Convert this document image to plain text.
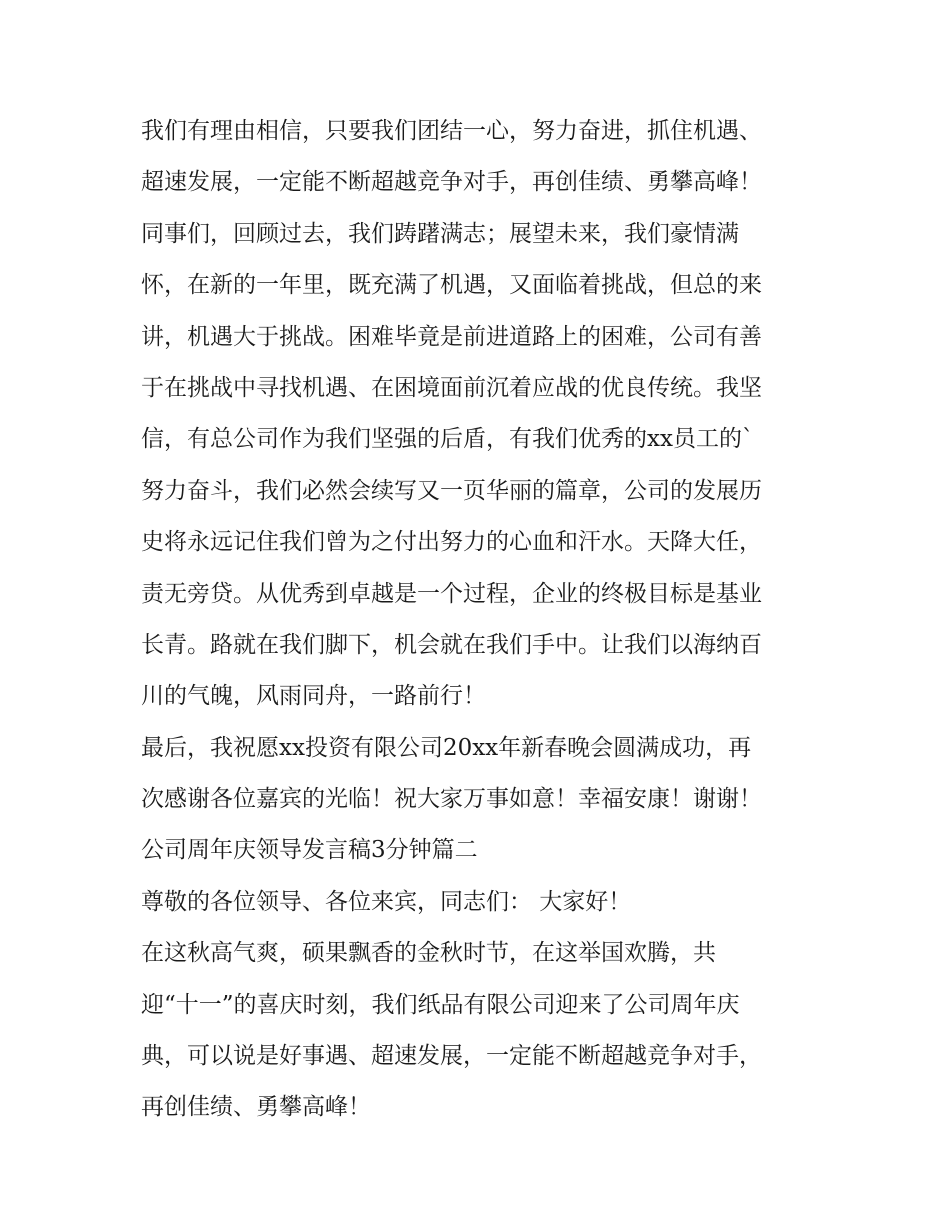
我们有理由相信，只要我们团结一心，努力奋进，抓住机遇、
超速发展，一定能不断超越竞争对手，再创佳绩、勇攀高峰！
同事们，回顾过去，我们踌躇满志；展望未来，我们豪情满
怀，在新的一年里，既充满了机遇，又面临着挑战，但总的来
讲，机遇大于挑战。困难毕竟是前进道路上的困难，公司有善
于在挑战中寻找机遇、在困境面前沉着应战的优良传统。我坚
信，有总公司作为我们坚强的后盾，有我们优秀的xx员工的`
努力奋斗，我们必然会续写又一页华丽的篇章，公司的发展历
史将永远记住我们曾为之付出努力的心血和汗水。天降大任，
责无旁贷。从优秀到卓越是一个过程，企业的终极目标是基业
长青。路就在我们脚下，机会就在我们手中。让我们以海纳百
川的气魄，风雨同舟，一路前行！
最后，我祝愿xx投资有限公司20xx年新春晚会圆满成功，再
次感谢各位嘉宾的光临！祝大家万事如意！幸福安康！谢谢！
公司周年庆领导发言稿3分钟篇二
尊敬的各位领导、各位来宾，同志们： 大家好！
在这秋高气爽，硕果飘香的金秋时节，在这举国欢腾，共
迎“十一”的喜庆时刻，我们纸品有限公司迎来了公司周年庆
典，可以说是好事遇、超速发展，一定能不断超越竞争对手，
再创佳绩、勇攀高峰！
